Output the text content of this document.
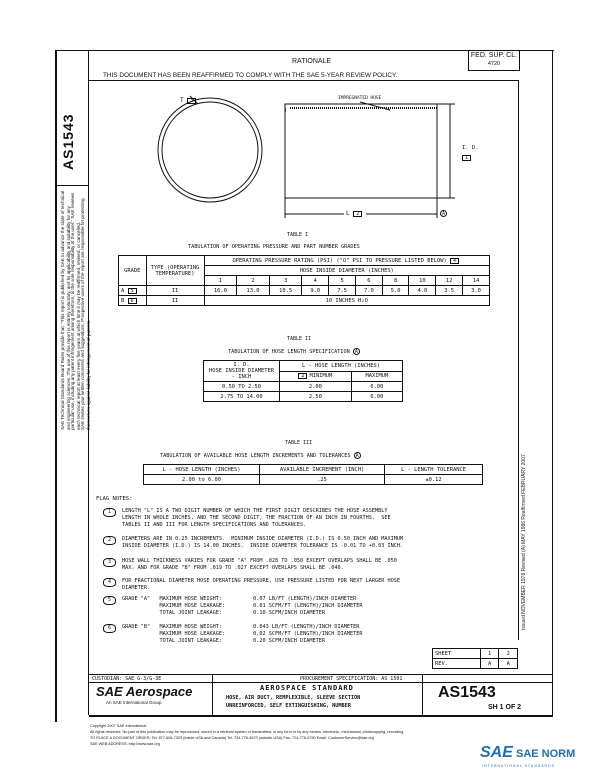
AS1543
SAE Technical Standards Board Rules provide that: "This report is published by SAE to advance the state of technical and engineering sciences. The use of this report is entirely voluntary, and its applicability and suitability for any particular use, including any patent infringement arising therefrom, is the sole responsibility of the user." SAE reviews each technical report at least every five years at which time it may be reaffirmed, revised, or cancelled. SAE invites your written comments and suggestions. Prospective users of the report are responsible for protecting themselves against liability for infringement of patents.
Issued NOVEMBER 1978 Revised (A) MAY 1986 Reaffirmed FEBRUARY 2007
RATIONALE
THIS DOCUMENT HAS BEEN REAFFIRMED TO COMPLY WITH THE SAE 5-YEAR REVIEW POLICY.
FED. SUP. CL.
4720
T 3	IMPREGNATED HOSE
I. D.
1
L 2	A
TABLE I
TABULATION OF OPERATING PRESSURE AND PART NUMBER GRADES
GRADE	TYPE (OPERATING TEMPERATURE)	OPERATING PRESSURE RATING (PSI) ("O" PSI TO PRESSURE LISTED BELOW) 4									
		HOSE INSIDE DIAMETER (INCHES)									
		1	2	3	4	5	6	8	10	12	14
A 5	II	16.0	13.0	10.5	9.0	7.5	7.0	5.0	4.0	3.5	3.0
B 6	II	10 INCHES H₂O									
TABLE II
TABULATION OF HOSE LENGTH SPECIFICATION A
I. D.
HOSE INSIDE DIAMETER - INCH	L - HOSE LENGTH (INCHES)	
	2 MINIMUM	MAXIMUM
0.50 TO 2.50	2.00	6.00
2.75 TO 14.00	2.50	6.00
TABLE III
TABULATION OF AVAILABLE HOSE LENGTH INCREMENTS AND TOLERANCES A
L - HOSE LENGTH (INCHES)	AVAILABLE INCREMENT (INCH)	L - LENGTH TOLERANCE
2.00 to 6.00	.25	±0.12
FLAG NOTES:
1	LENGTH "L" IS A TWO DIGIT NUMBER OF WHICH THE FIRST DIGIT DESCRIBES THE HOSE ASSEMBLY
LENGTH IN WHOLE INCHES, AND THE SECOND DIGIT, THE FRACTION OF AN INCH IN FOURTHS.  SEE
TABLES II AND III FOR LENGTH SPECIFICATIONS AND TOLERANCES.
2	DIAMETERS ARE IN 0.25 INCREMENTS.  MINIMUM INSIDE DIAMETER (I.D.) IS 0.50 INCH AND MAXIMUM
INSIDE DIAMETER (I.D.) IS 14.00 INCHES.  INSIDE DIAMETER TOLERANCE IS -0.01 TO +0.03 INCH.
3	HOSE WALL THICKNESS VARIES FOR GRADE "A" FROM .028 TO .050 EXCEPT OVERLAPS SHALL BE .050
MAX. AND FOR GRADE "B" FROM .019 TO .027 EXCEPT OVERLAPS SHALL BE .040.
4	FOR FRACTIONAL DIAMETER HOSE OPERATING PRESSURE, USE PRESSURE LISTED FOR NEXT LARGER HOSE
DIAMETER.
5	GRADE "A"   MAXIMUM HOSE WEIGHT:          0.07 LB/FT (LENGTH)/INCH DIAMETER
MAXIMUM HOSE LEAKAGE:         0.01 SCFM/FT (LENGTH)/INCH DIAMETER
TOTAL JOINT LEAKAGE:          0.10 SCFM/INCH DIAMETER
6	GRADE "B"   MAXIMUM HOSE WEIGHT:          0.043 LB/FT (LENGTH)/INCH DIAMETER
MAXIMUM HOSE LEAKAGE:         0.02 SCFM/FT (LENGTH)/INCH DIAMETER
TOTAL JOINT LEAKAGE:          0.20 SCFM/INCH DIAMETER
SHEET	1	2
REV.	A	A
CUSTODIAN: SAE G-3/G-3E	PROCUREMENT SPECIFICATION: AS 1501
SAE Aerospace
An SAE International Group
AEROSPACE STANDARD
HOSE, AIR DUCT, REMPLEXIBLE, SLEEVE SECTION
UNREINFORCED, SELF EXTINGUISHING, NUMBER
AS1543
SH 1 OF 2
Copyright 2007 SAE International
All rights reserved. No part of this publication may be reproduced, stored in a retrieval system or transmitted, in any form or by any means, electronic, mechanical, photocopying, recording,
TO PLACE A DOCUMENT ORDER: Tel: 877-606-7323 (inside USA and Canada) Tel: 724-776-4970 (outside USA) Fax: 724-776-0790 Email: CustomerService@sae.org
SAE WEB ADDRESS: http://www.sae.org	SAE SAE NORM
INTERNATIONAL STANDARDS
